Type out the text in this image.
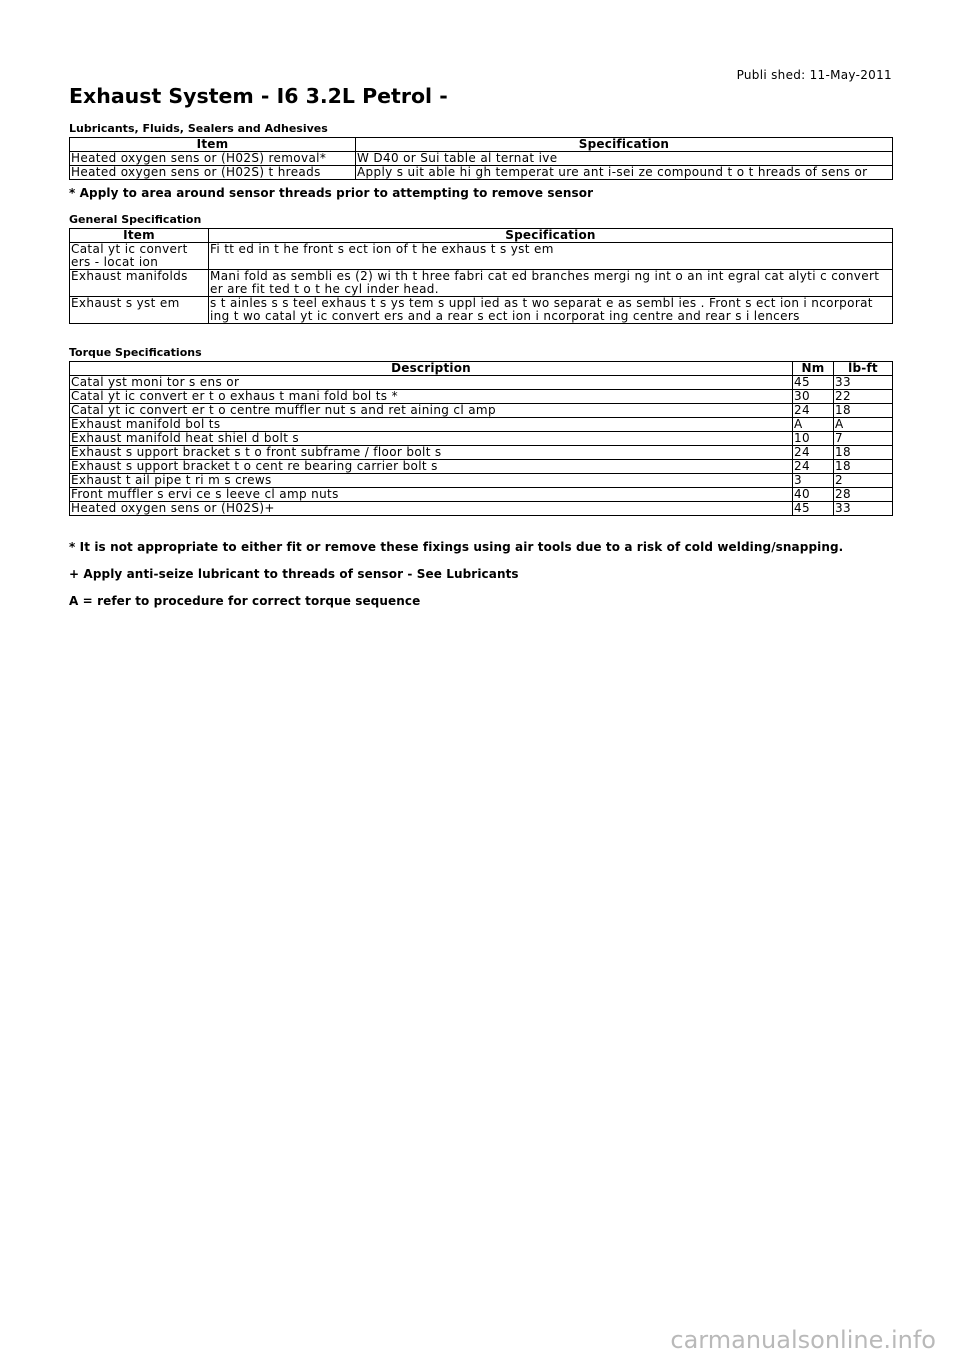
Publi shed: 11-May-2011
Exhaust System - I6 3.2L Petrol -
Lubricants, Fluids, Sealers and Adhesives
Item	Specification
Heated oxygen sens or (H02S) removal*	W D40 or Sui table al ternat ive
Heated oxygen sens or (H02S) t hreads	Apply s uit able hi gh temperat ure ant i-sei ze compound t o t hreads of sens or
* Apply to area around sensor threads prior to attempting to remove sensor
General Specification
Item	Specification
Catal yt ic convert ers - locat ion	Fi tt ed in t he front s ect ion of t he exhaus t s yst em
Exhaust manifolds	Mani fold as sembli es (2) wi th t hree fabri cat ed branches mergi ng int o an int egral cat alyti c convert er are fit ted t o t he cyl inder head.
Exhaust s yst em	s t ainles s s teel exhaus t s ys tem s uppl ied as t wo separat e as sembl ies . Front s ect ion i ncorporat ing t wo catal yt ic convert ers and a rear s ect ion i ncorporat ing centre and rear s i lencers
Torque Specifications
Description	Nm	lb-ft
Catal yst moni tor s ens or	45	33
Catal yt ic convert er t o exhaus t mani fold bol ts *	30	22
Catal yt ic convert er t o centre muffler nut s and ret aining cl amp	24	18
Exhaust manifold bol ts	A	A
Exhaust manifold heat shiel d bolt s	10	7
Exhaust s upport bracket s t o front subframe / floor bolt s	24	18
Exhaust s upport bracket t o cent re bearing carrier bolt s	24	18
Exhaust t ail pipe t ri m s crews	3	2
Front muffler s ervi ce s leeve cl amp nuts	40	28
Heated oxygen sens or (H02S)+	45	33
* It is not appropriate to either fit or remove these fixings using air tools due to a risk of cold welding/snapping.
+ Apply anti-seize lubricant to threads of sensor - See Lubricants
A = refer to procedure for correct torque sequence
carmanualsonline.info
